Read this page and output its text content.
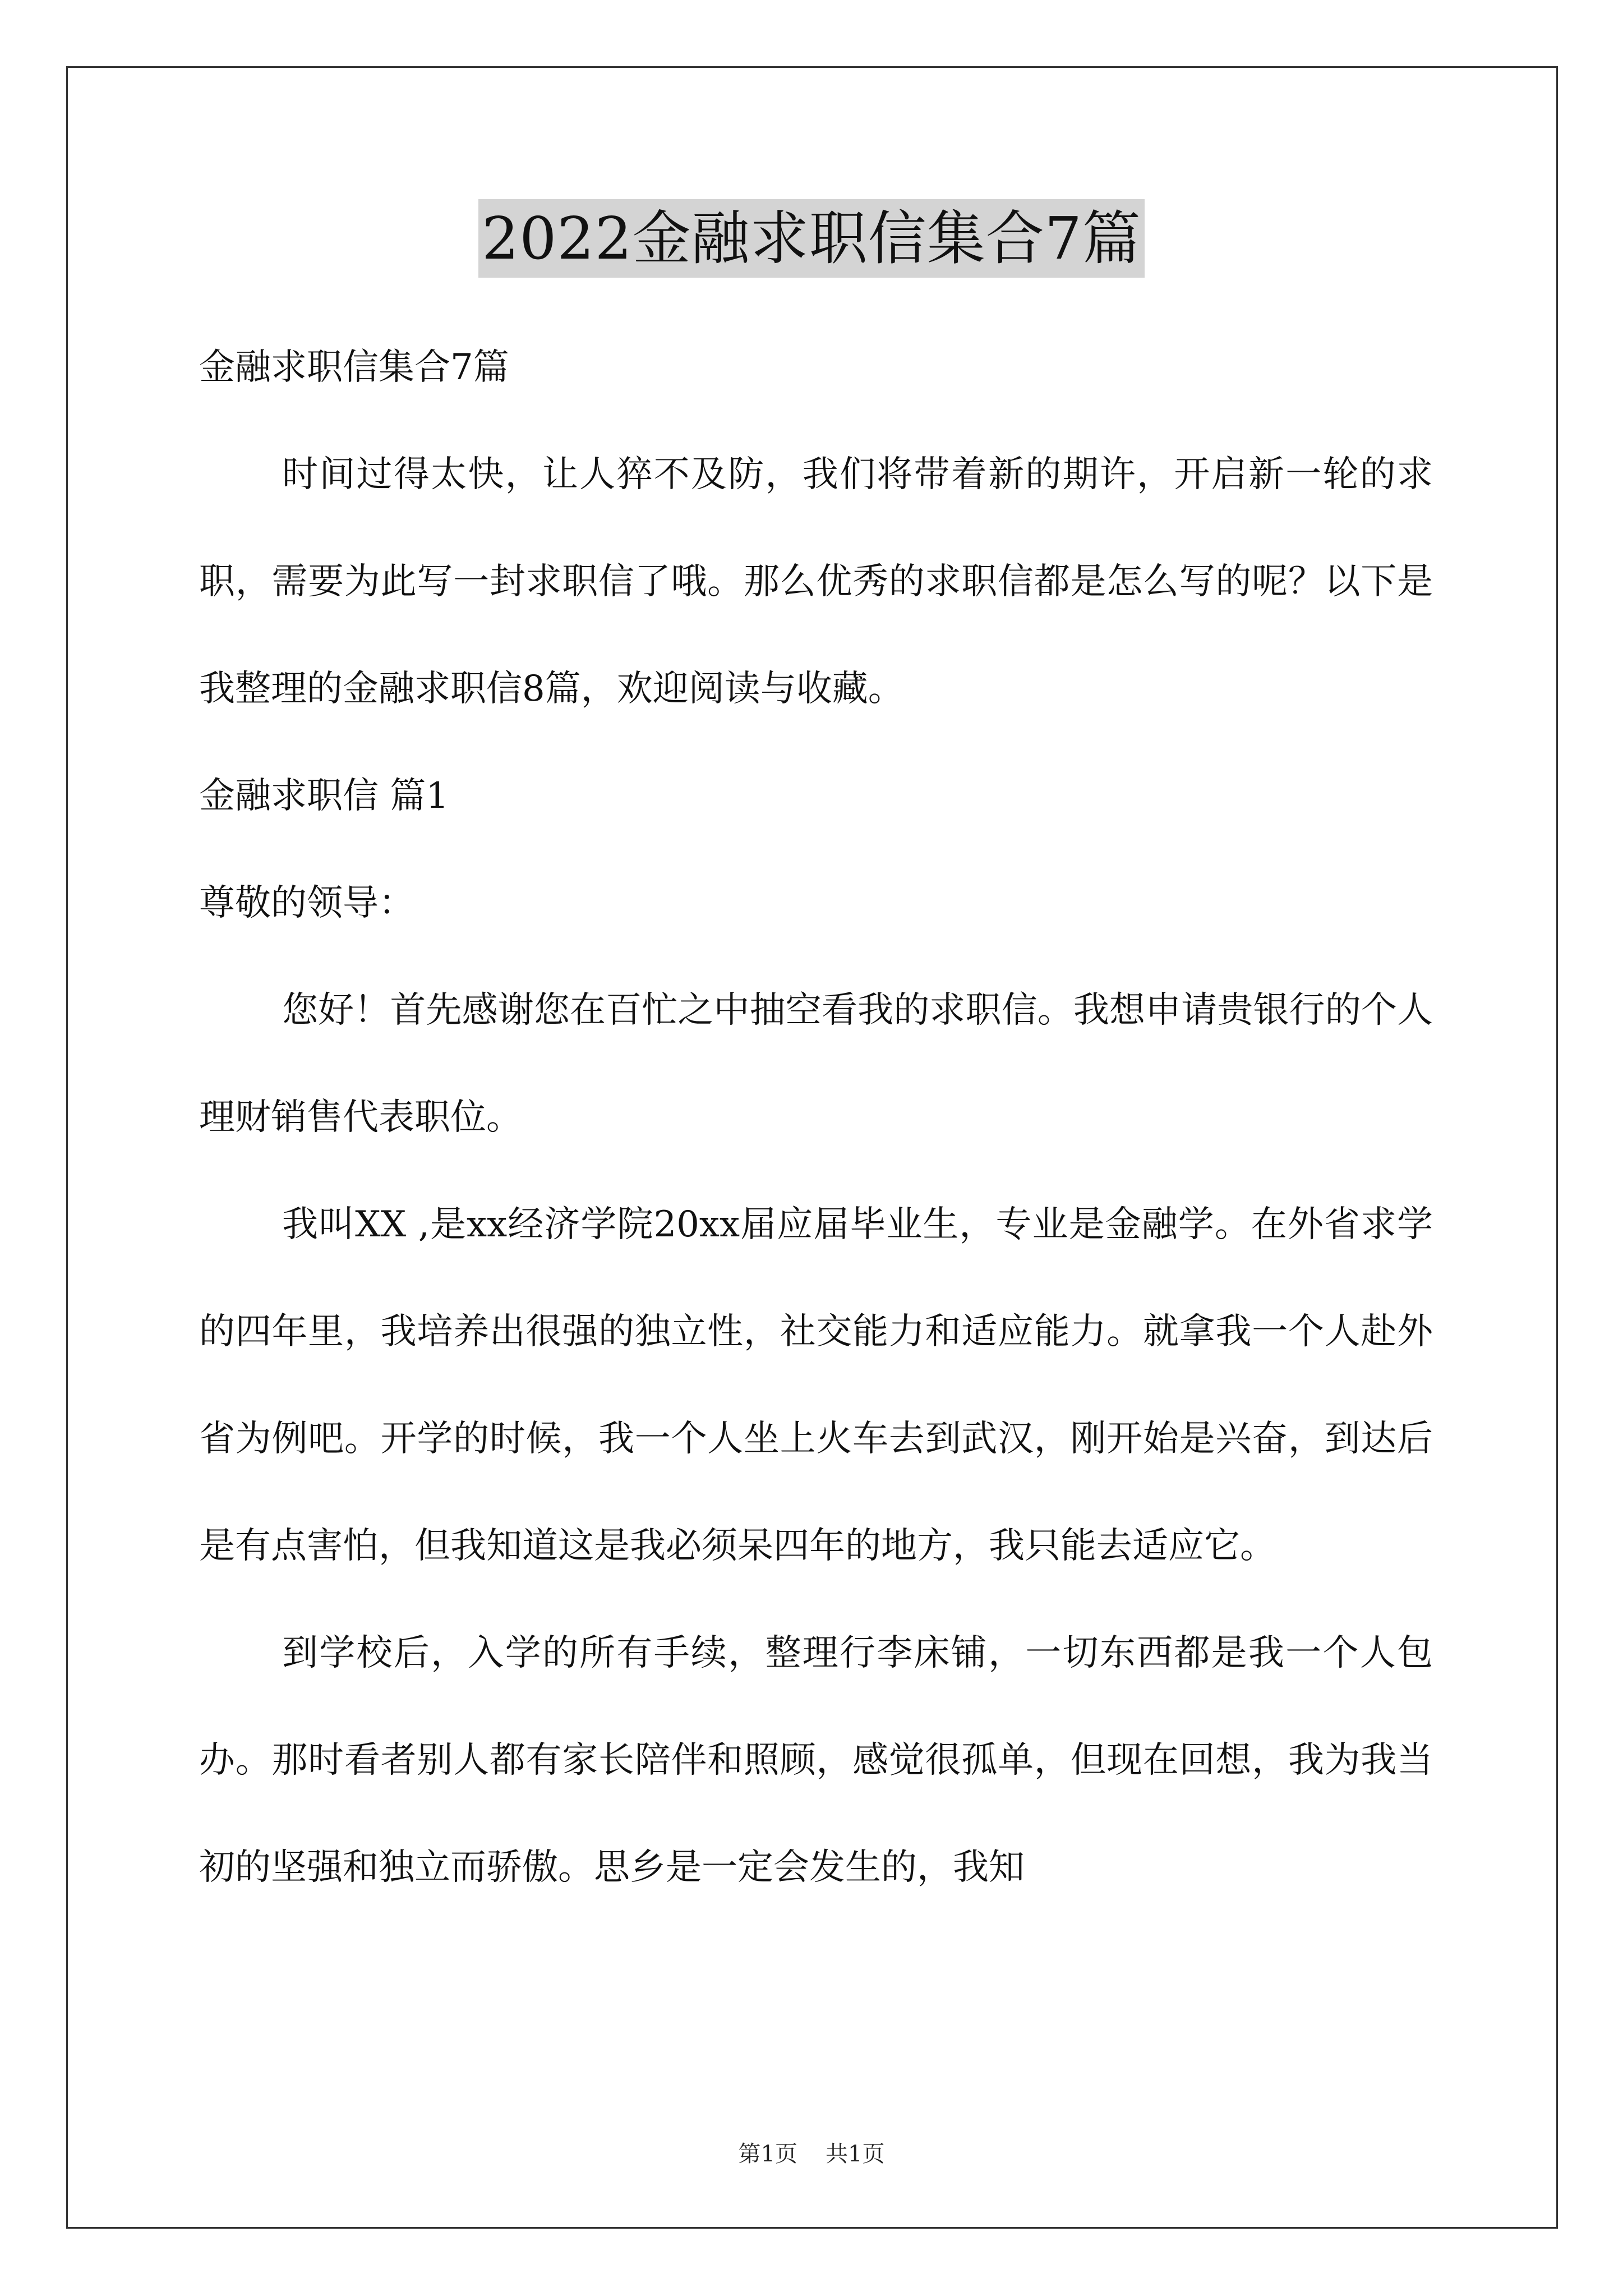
2022金融求职信集合7篇

金融求职信集合7篇

时间过得太快，让人猝不及防，我们将带着新的期许，开启新一轮的求职，需要为此写一封求职信了哦。那么优秀的求职信都是怎么写的呢？以下是我整理的金融求职信8篇，欢迎阅读与收藏。

金融求职信 篇1

尊敬的领导：

您好！首先感谢您在百忙之中抽空看我的求职信。我想申请贵银行的个人理财销售代表职位。

我叫XX ,是xx经济学院20xx届应届毕业生，专业是金融学。在外省求学的四年里，我培养出很强的独立性，社交能力和适应能力。就拿我一个人赴外省为例吧。开学的时候，我一个人坐上火车去到武汉，刚开始是兴奋，到达后是有点害怕，但我知道这是我必须呆四年的地方，我只能去适应它。

到学校后，入学的所有手续，整理行李床铺，一切东西都是我一个人包办。那时看者别人都有家长陪伴和照顾，感觉很孤单，但现在回想，我为我当初的坚强和独立而骄傲。思乡是一定会发生的，我知

第1页 共1页
